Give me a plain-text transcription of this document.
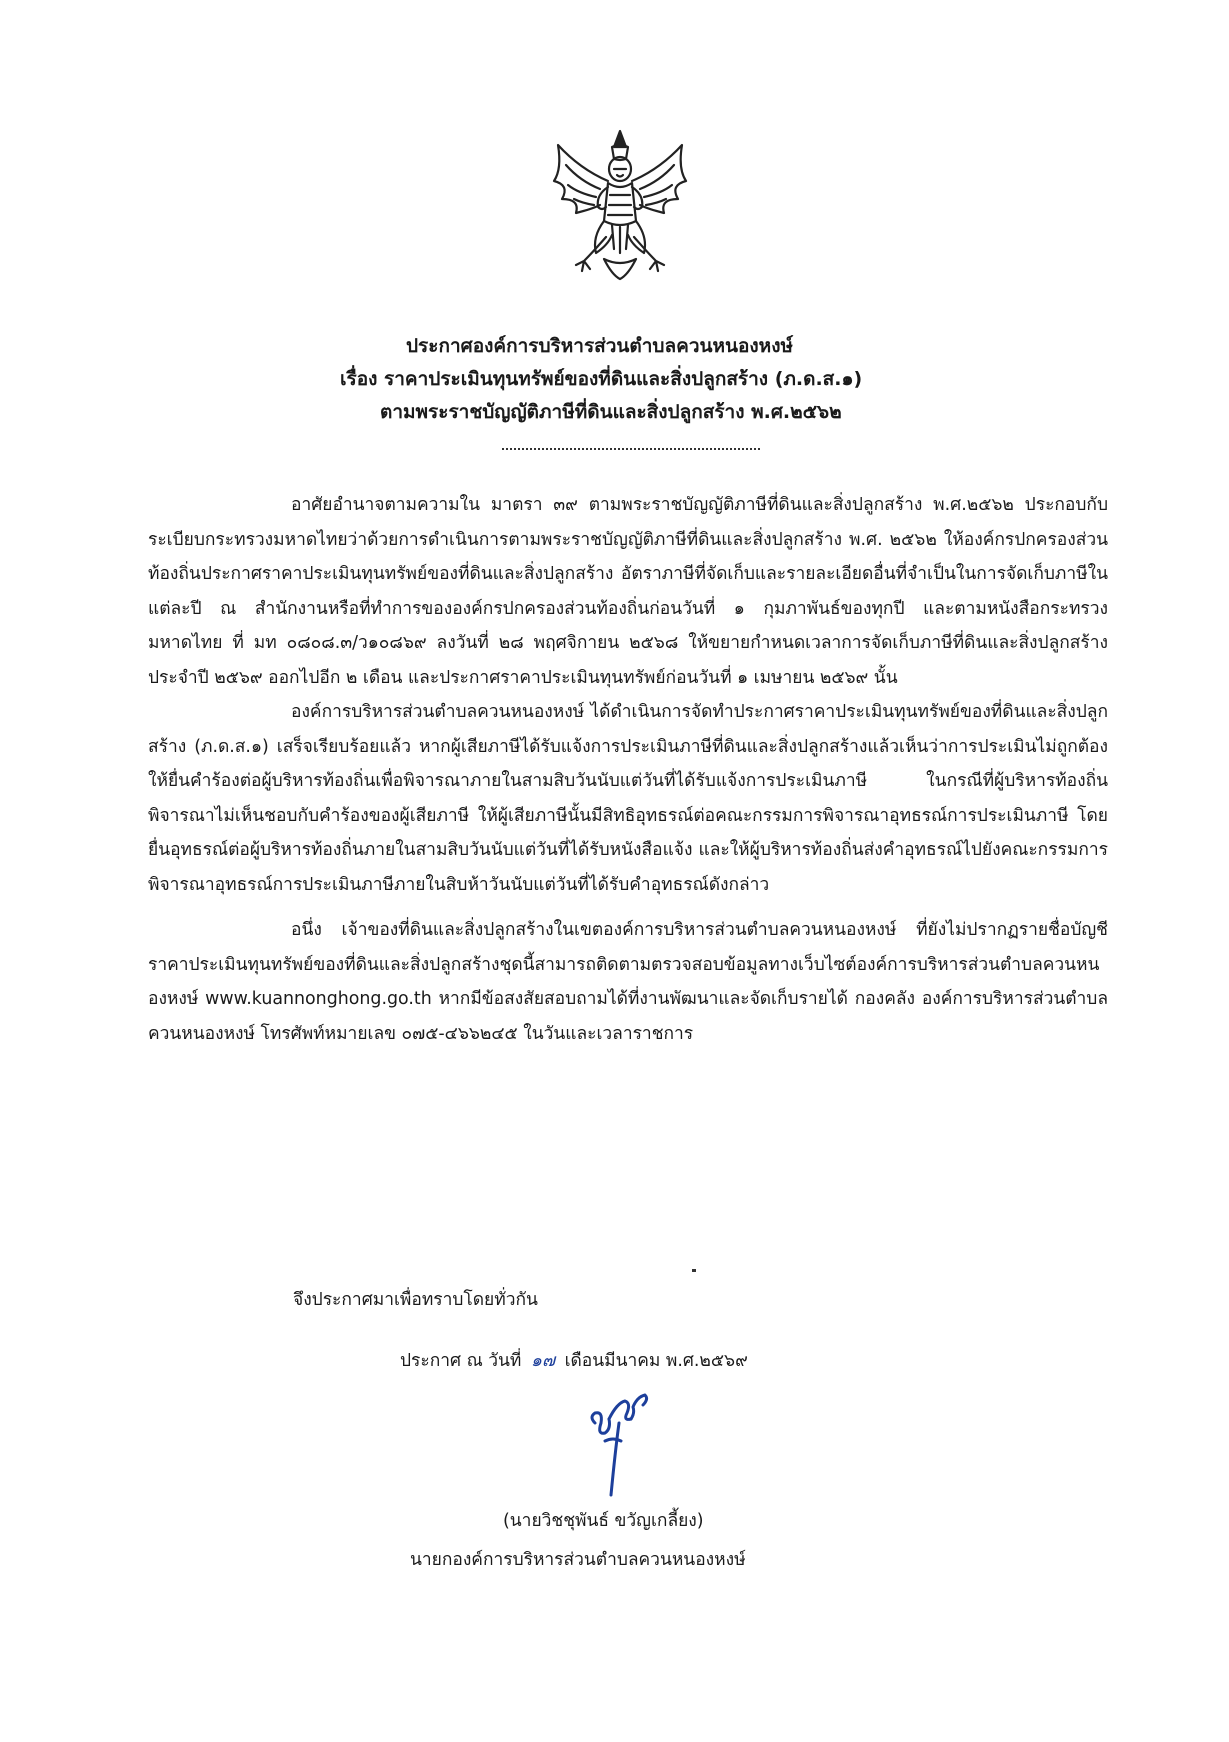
ประกาศองค์การบริหารส่วนตำบลควนหนองหงษ์
เรื่อง ราคาประเมินทุนทรัพย์ของที่ดินและสิ่งปลูกสร้าง (ภ.ด.ส.๑)
ตามพระราชบัญญัติภาษีที่ดินและสิ่งปลูกสร้าง พ.ศ.๒๕๖๒

อาศัยอำนาจตามความใน มาตรา ๓๙ ตามพระราชบัญญัติภาษีที่ดินและสิ่งปลูกสร้าง พ.ศ.๒๕๖๒ ประกอบกับระเบียบกระทรวงมหาดไทยว่าด้วยการดำเนินการตามพระราชบัญญัติภาษีที่ดินและสิ่งปลูกสร้าง พ.ศ. ๒๕๖๒ ให้องค์กรปกครองส่วนท้องถิ่นประกาศราคาประเมินทุนทรัพย์ของที่ดินและสิ่งปลูกสร้าง อัตราภาษีที่จัดเก็บและรายละเอียดอื่นที่จำเป็นในการจัดเก็บภาษีในแต่ละปี ณ สำนักงานหรือที่ทำการขององค์กรปกครองส่วนท้องถิ่นก่อนวันที่ ๑ กุมภาพันธ์ของทุกปี และตามหนังสือกระทรวงมหาดไทย ที่ มท ๐๘๐๘.๓/ว๑๐๘๖๙ ลงวันที่ ๒๘ พฤศจิกายน ๒๕๖๘ ให้ขยายกำหนดเวลาการจัดเก็บภาษีที่ดินและสิ่งปลูกสร้าง ประจำปี ๒๕๖๙ ออกไปอีก ๒ เดือน และประกาศราคาประเมินทุนทรัพย์ก่อนวันที่ ๑ เมษายน ๒๕๖๙ นั้น

องค์การบริหารส่วนตำบลควนหนองหงษ์ ได้ดำเนินการจัดทำประกาศราคาประเมินทุนทรัพย์ของที่ดินและสิ่งปลูกสร้าง (ภ.ด.ส.๑) เสร็จเรียบร้อยแล้ว หากผู้เสียภาษีได้รับแจ้งการประเมินภาษีที่ดินและสิ่งปลูกสร้างแล้วเห็นว่าการประเมินไม่ถูกต้อง ให้ยื่นคำร้องต่อผู้บริหารท้องถิ่นเพื่อพิจารณาภายในสามสิบวันนับแต่วันที่ได้รับแจ้งการประเมินภาษี ในกรณีที่ผู้บริหารท้องถิ่นพิจารณาไม่เห็นชอบกับคำร้องของผู้เสียภาษี ให้ผู้เสียภาษีนั้นมีสิทธิอุทธรณ์ต่อคณะกรรมการพิจารณาอุทธรณ์การประเมินภาษี โดยยื่นอุทธรณ์ต่อผู้บริหารท้องถิ่นภายในสามสิบวันนับแต่วันที่ได้รับหนังสือแจ้ง และให้ผู้บริหารท้องถิ่นส่งคำอุทธรณ์ไปยังคณะกรรมการพิจารณาอุทธรณ์การประเมินภาษีภายในสิบห้าวันนับแต่วันที่ได้รับคำอุทธรณ์ดังกล่าว

อนึ่ง เจ้าของที่ดินและสิ่งปลูกสร้างในเขตองค์การบริหารส่วนตำบลควนหนองหงษ์ ที่ยังไม่ปรากฏรายชื่อบัญชีราคาประเมินทุนทรัพย์ของที่ดินและสิ่งปลูกสร้างชุดนี้สามารถติดตามตรวจสอบข้อมูลทางเว็บไซต์องค์การบริหารส่วนตำบลควนหนองหงษ์ www.kuannonghong.go.th หากมีข้อสงสัยสอบถามได้ที่งานพัฒนาและจัดเก็บรายได้ กองคลัง องค์การบริหารส่วนตำบลควนหนองหงษ์ โทรศัพท์หมายเลข ๐๗๕-๔๖๖๒๔๕ ในวันและเวลาราชการ

จึงประกาศมาเพื่อทราบโดยทั่วกัน
ประกาศ ณ วันที่ ๑๗ เดือนมีนาคม พ.ศ.๒๕๖๙
(นายวิชชุพันธ์ ขวัญเกลี้ยง)
นายกองค์การบริหารส่วนตำบลควนหนองหงษ์
